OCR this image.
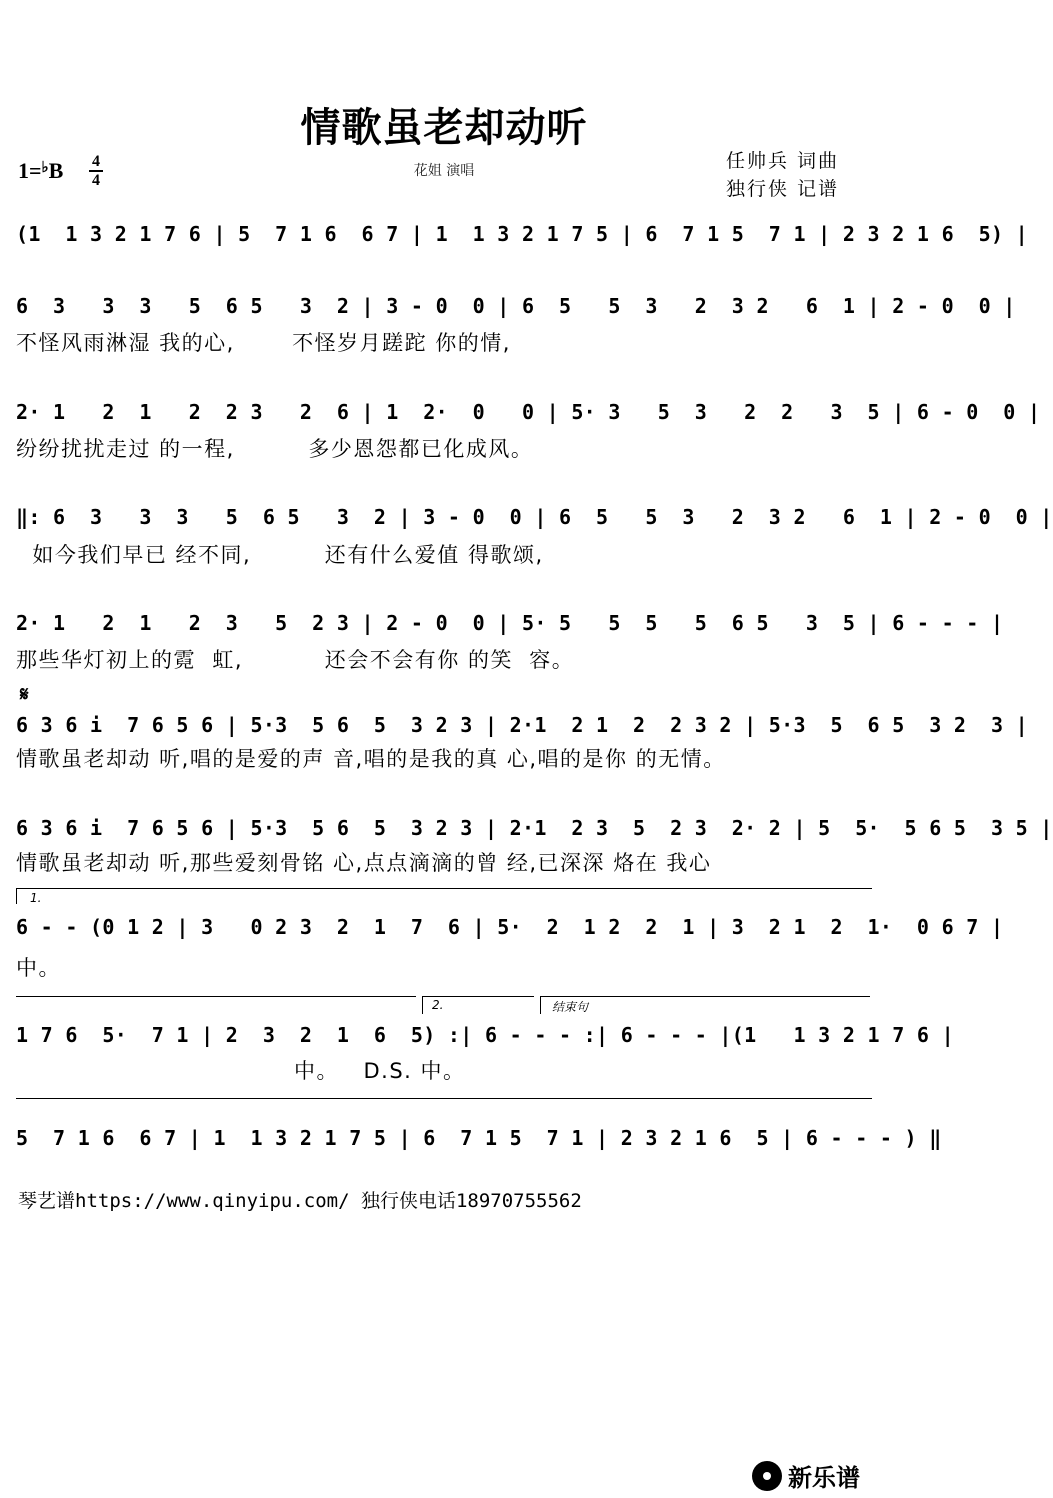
情歌虽老却动听
1=♭B 4
4
花姐 演唱	任帅兵 词曲
独行侠 记谱
(1  1 3 2 1 7 6 | 5  7 1 6  6 7 | 1  1 3 2 1 7 5 | 6  7 1 5  7 1 | 2 3 2 1 6  5) |
6  3   3  3   5  6 5   3  2 | 3 - 0  0 | 6  5   5  3   2  3 2   6  1 | 2 - 0  0 |
不怪风雨淋湿 我的心,       不怪岁月蹉跎 你的情,
2· 1   2  1   2  2 3   2  6 | 1  2·  0   0 | 5· 3   5  3   2  2   3  5 | 6 - 0  0 |
纷纷扰扰走过 的一程,         多少恩怨都已化成风。
‖: 6  3   3  3   5  6 5   3  2 | 3 - 0  0 | 6  5   5  3   2  3 2   6  1 | 2 - 0  0 |
如今我们早已 经不同,         还有什么爱值 得歌颂,
2· 1   2  1   2  3   5  2 3 | 2 - 0  0 | 5· 5   5  5   5  6 5   3  5 | 6 - - - |
那些华灯初上的霓  虹,          还会不会有你 的笑  容。
𝄋
6 3 6 i  7 6 5 6 | 5·3  5 6  5  3 2 3 | 2·1  2 1  2  2 3 2 | 5·3  5  6 5  3 2  3 |
情歌虽老却动 听,唱的是爱的声 音,唱的是我的真 心,唱的是你 的无情。
6 3 6 i  7 6 5 6 | 5·3  5 6  5  3 2 3 | 2·1  2 3  5  2 3  2· 2 | 5  5·  5 6 5  3 5 |
情歌虽老却动 听,那些爱刻骨铭 心,点点滴滴的曾 经,已深深 烙在 我心
1.
6 - - (0 1 2 | 3   0 2 3  2  1  7  6 | 5·  2  1 2  2  1 | 3  2 1  2  1·  0 6 7 |
中。
2.	结束句
1 7 6  5·  7 1 | 2  3  2  1  6  5) :| 6 - - - :| 6 - - - |(1   1 3 2 1 7 6 |
中。   D.S. 中。
5  7 1 6  6 7 | 1  1 3 2 1 7 5 | 6  7 1 5  7 1 | 2 3 2 1 6  5 | 6 - - - ) ‖
琴艺谱https://www.qinyipu.com/ 独行侠电话18970755562
新乐谱
